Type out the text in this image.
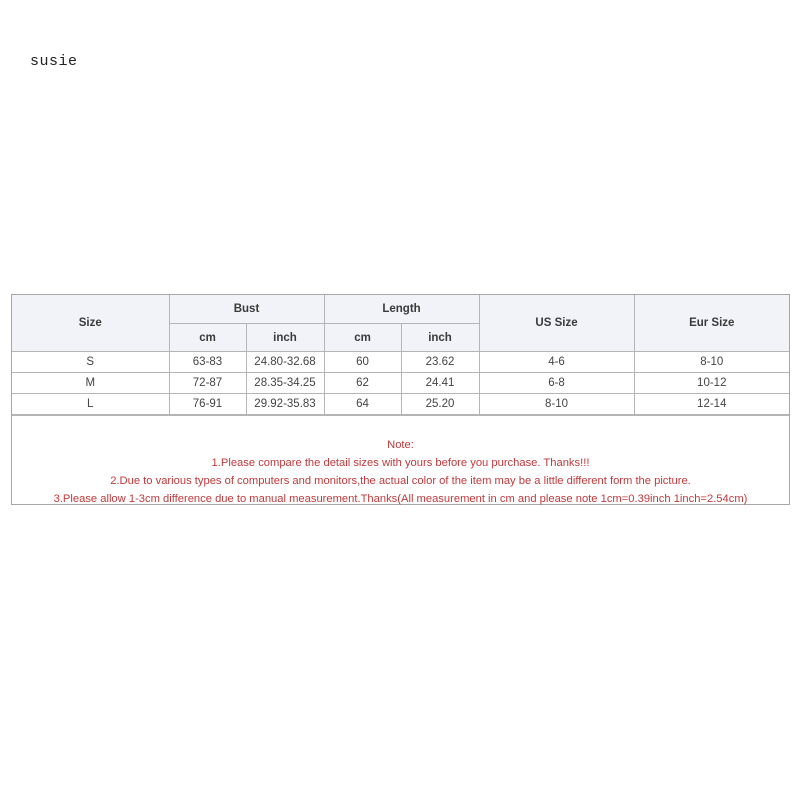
susie
Size	Bust		Length		US Size	Eur Size
	cm	inch	cm	inch		
S	63-83	24.80-32.68	60	23.62	4-6	8-10
M	72-87	28.35-34.25	62	24.41	6-8	10-12
L	76-91	29.92-35.83	64	25.20	8-10	12-14
Note:
1.Please compare the detail sizes with yours before you purchase. Thanks!!!
2.Due to various types of computers and monitors,the actual color of the item may be a little different form the picture.
3.Please allow 1-3cm difference due to manual measurement.Thanks(All measurement in cm and please note 1cm=0.39inch 1inch=2.54cm)
